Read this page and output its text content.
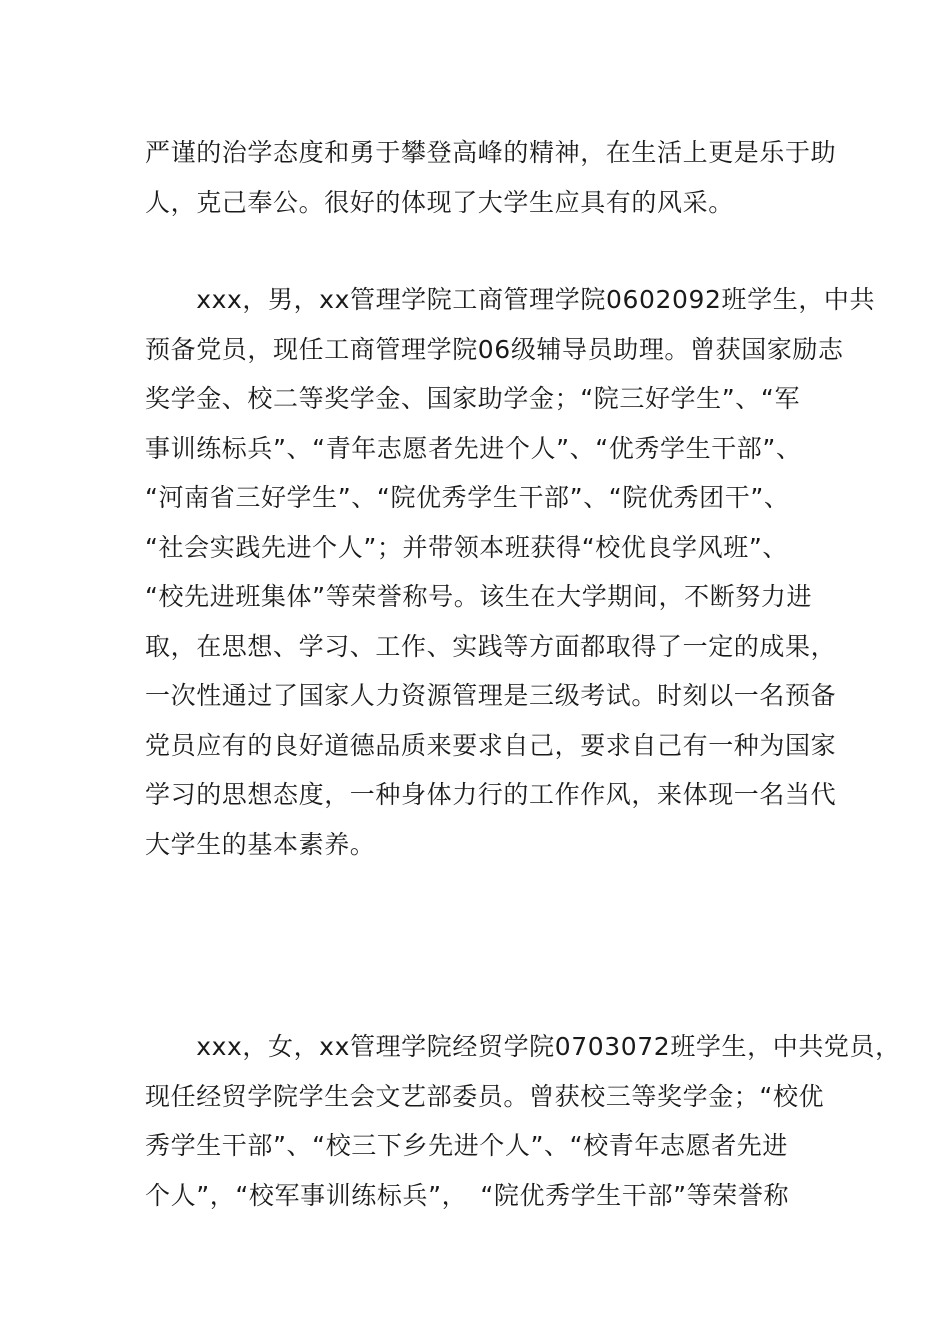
严谨的治学态度和勇于攀登高峰的精神，在生活上更是乐于助
人，克己奉公。很好的体现了大学生应具有的风采。

　　xxx，男，xx管理学院工商管理学院0602092班学生，中共
预备党员，现任工商管理学院06级辅导员助理。曾获国家励志
奖学金、校二等奖学金、国家助学金；“院三好学生”、“军
事训练标兵”、“青年志愿者先进个人”、“优秀学生干部”、
“河南省三好学生”、“院优秀学生干部”、“院优秀团干”、
“社会实践先进个人”；并带领本班获得“校优良学风班”、
“校先进班集体”等荣誉称号。该生在大学期间，不断努力进
取，在思想、学习、工作、实践等方面都取得了一定的成果，
一次性通过了国家人力资源管理是三级考试。时刻以一名预备
党员应有的良好道德品质来要求自己，要求自己有一种为国家
学习的思想态度，一种身体力行的工作作风，来体现一名当代
大学生的基本素养。

　　xxx，女，xx管理学院经贸学院0703072班学生，中共党员，
现任经贸学院学生会文艺部委员。曾获校三等奖学金；“校优
秀学生干部”、“校三下乡先进个人”、“校青年志愿者先进
个人”，“校军事训练标兵”，　“院优秀学生干部”等荣誉称
